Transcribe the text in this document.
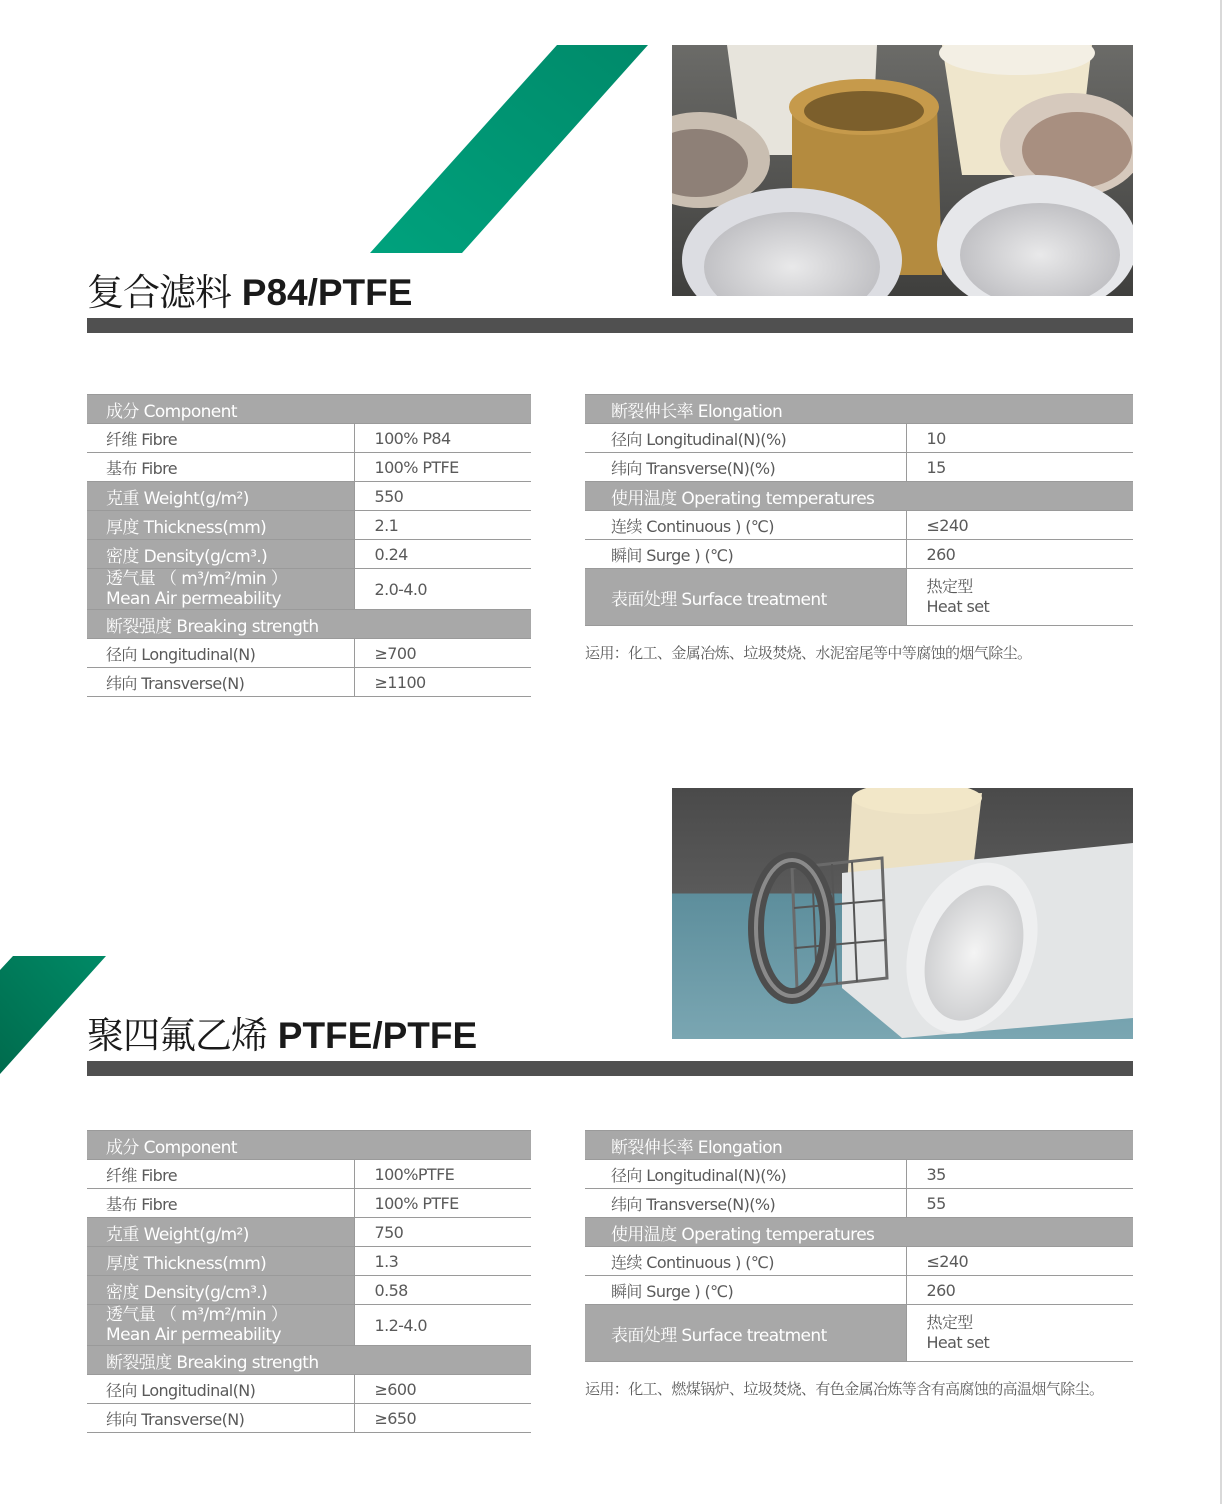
复合滤料 P84/PTFE
成分 Component	
纤维 Fibre	100% P84
基布 Fibre	100% PTFE
克重 Weight(g/m²)	550
厚度 Thickness(mm)	2.1
密度 Density(g/cm³.)	0.24

透气量 （ m³/m²/min ）
Mean Air permeability	2.0-4.0
断裂强度 Breaking strength	
径向 Longitudinal(N)	≥700
纬向 Transverse(N)	≥1100
断裂伸长率 Elongation	
径向 Longitudinal(N)(%)	10
纬向 Transverse(N)(%)	15
使用温度 Operating temperatures	
连续 Continuous ) (℃)	≤240
瞬间 Surge ) (℃)	260
表面处理 Surface treatment	热定型
Heat set
运用：化工、金属冶炼、垃圾焚烧、水泥窑尾等中等腐蚀的烟气除尘。
聚四氟乙烯 PTFE/PTFE
成分 Component	
纤维 Fibre	100%PTFE
基布 Fibre	100% PTFE
克重 Weight(g/m²)	750
厚度 Thickness(mm)	1.3
密度 Density(g/cm³.)	0.58

透气量 （ m³/m²/min ）
Mean Air permeability	1.2-4.0
断裂强度 Breaking strength	
径向 Longitudinal(N)	≥600
纬向 Transverse(N)	≥650
断裂伸长率 Elongation	
径向 Longitudinal(N)(%)	35
纬向 Transverse(N)(%)	55
使用温度 Operating temperatures	
连续 Continuous ) (℃)	≤240
瞬间 Surge ) (℃)	260
表面处理 Surface treatment	热定型
Heat set
运用：化工、燃煤锅炉、垃圾焚烧、有色金属冶炼等含有高腐蚀的高温烟气除尘。
